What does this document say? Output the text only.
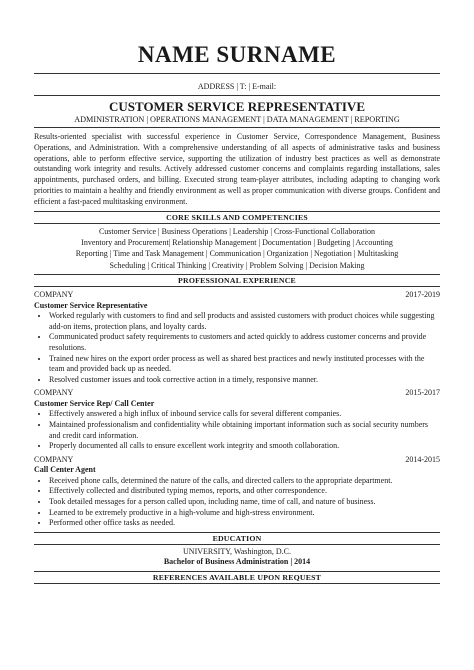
NAME SURNAME
ADDRESS | T: | E-mail:
CUSTOMER SERVICE REPRESENTATIVE
ADMINISTRATION | OPERATIONS MANAGEMENT | DATA MANAGEMENT | REPORTING
Results-oriented specialist with successful experience in Customer Service, Correspondence Management, Business Operations, and Administration. With a comprehensive understanding of all aspects of administrative tasks and business operations, able to perform effective service, supporting the utilization of industry best practices as well as demonstrate outstanding work integrity and results. Actively addressed customer concerns and complaints regarding installations, sales appointments, purchased orders, and billing. Executed strong team-player attributes, including adapting to changing work priorities to maintain a healthy and friendly environment as well as proper communication with diverse groups. Confident and efficient a fast-paced multitasking environment.
CORE SKILLS AND COMPETENCIES
Customer Service | Business Operations | Leadership | Cross-Functional Collaboration
Inventory and Procurement| Relationship Management | Documentation | Budgeting | Accounting
Reporting | Time and Task Management | Communication | Organization | Negotiation | Multitasking
Scheduling | Critical Thinking | Creativity | Problem Solving | Decision Making
PROFESSIONAL EXPERIENCE
COMPANY	2017-2019
Customer Service Representative
• Worked regularly with customers to find and sell products and assisted customers with product choices while suggesting add-on items, protection plans, and loyalty cards.
• Communicated product safety requirements to customers and acted quickly to address customer concerns and provide resolutions.
• Trained new hires on the export order process as well as shared best practices and newly instituted processes with the team and provided back up as needed.
• Resolved customer issues and took corrective action in a timely, responsive manner.
COMPANY	2015-2017
Customer Service Rep/ Call Center
• Effectively answered a high influx of inbound service calls for several different companies.
• Maintained professionalism and confidentiality while obtaining important information such as social security numbers and credit card information.
• Properly documented all calls to ensure excellent work integrity and smooth collaboration.
COMPANY	2014-2015
Call Center Agent
• Received phone calls, determined the nature of the calls, and directed callers to the appropriate department.
• Effectively collected and distributed typing memos, reports, and other correspondence.
• Took detailed messages for a person called upon, including name, time of call, and nature of business.
• Learned to be extremely productive in a high-volume and high-stress environment.
• Performed other office tasks as needed.
EDUCATION
UNIVERSITY, Washington, D.C.
Bachelor of Business Administration | 2014
REFERENCES AVAILABLE UPON REQUEST
